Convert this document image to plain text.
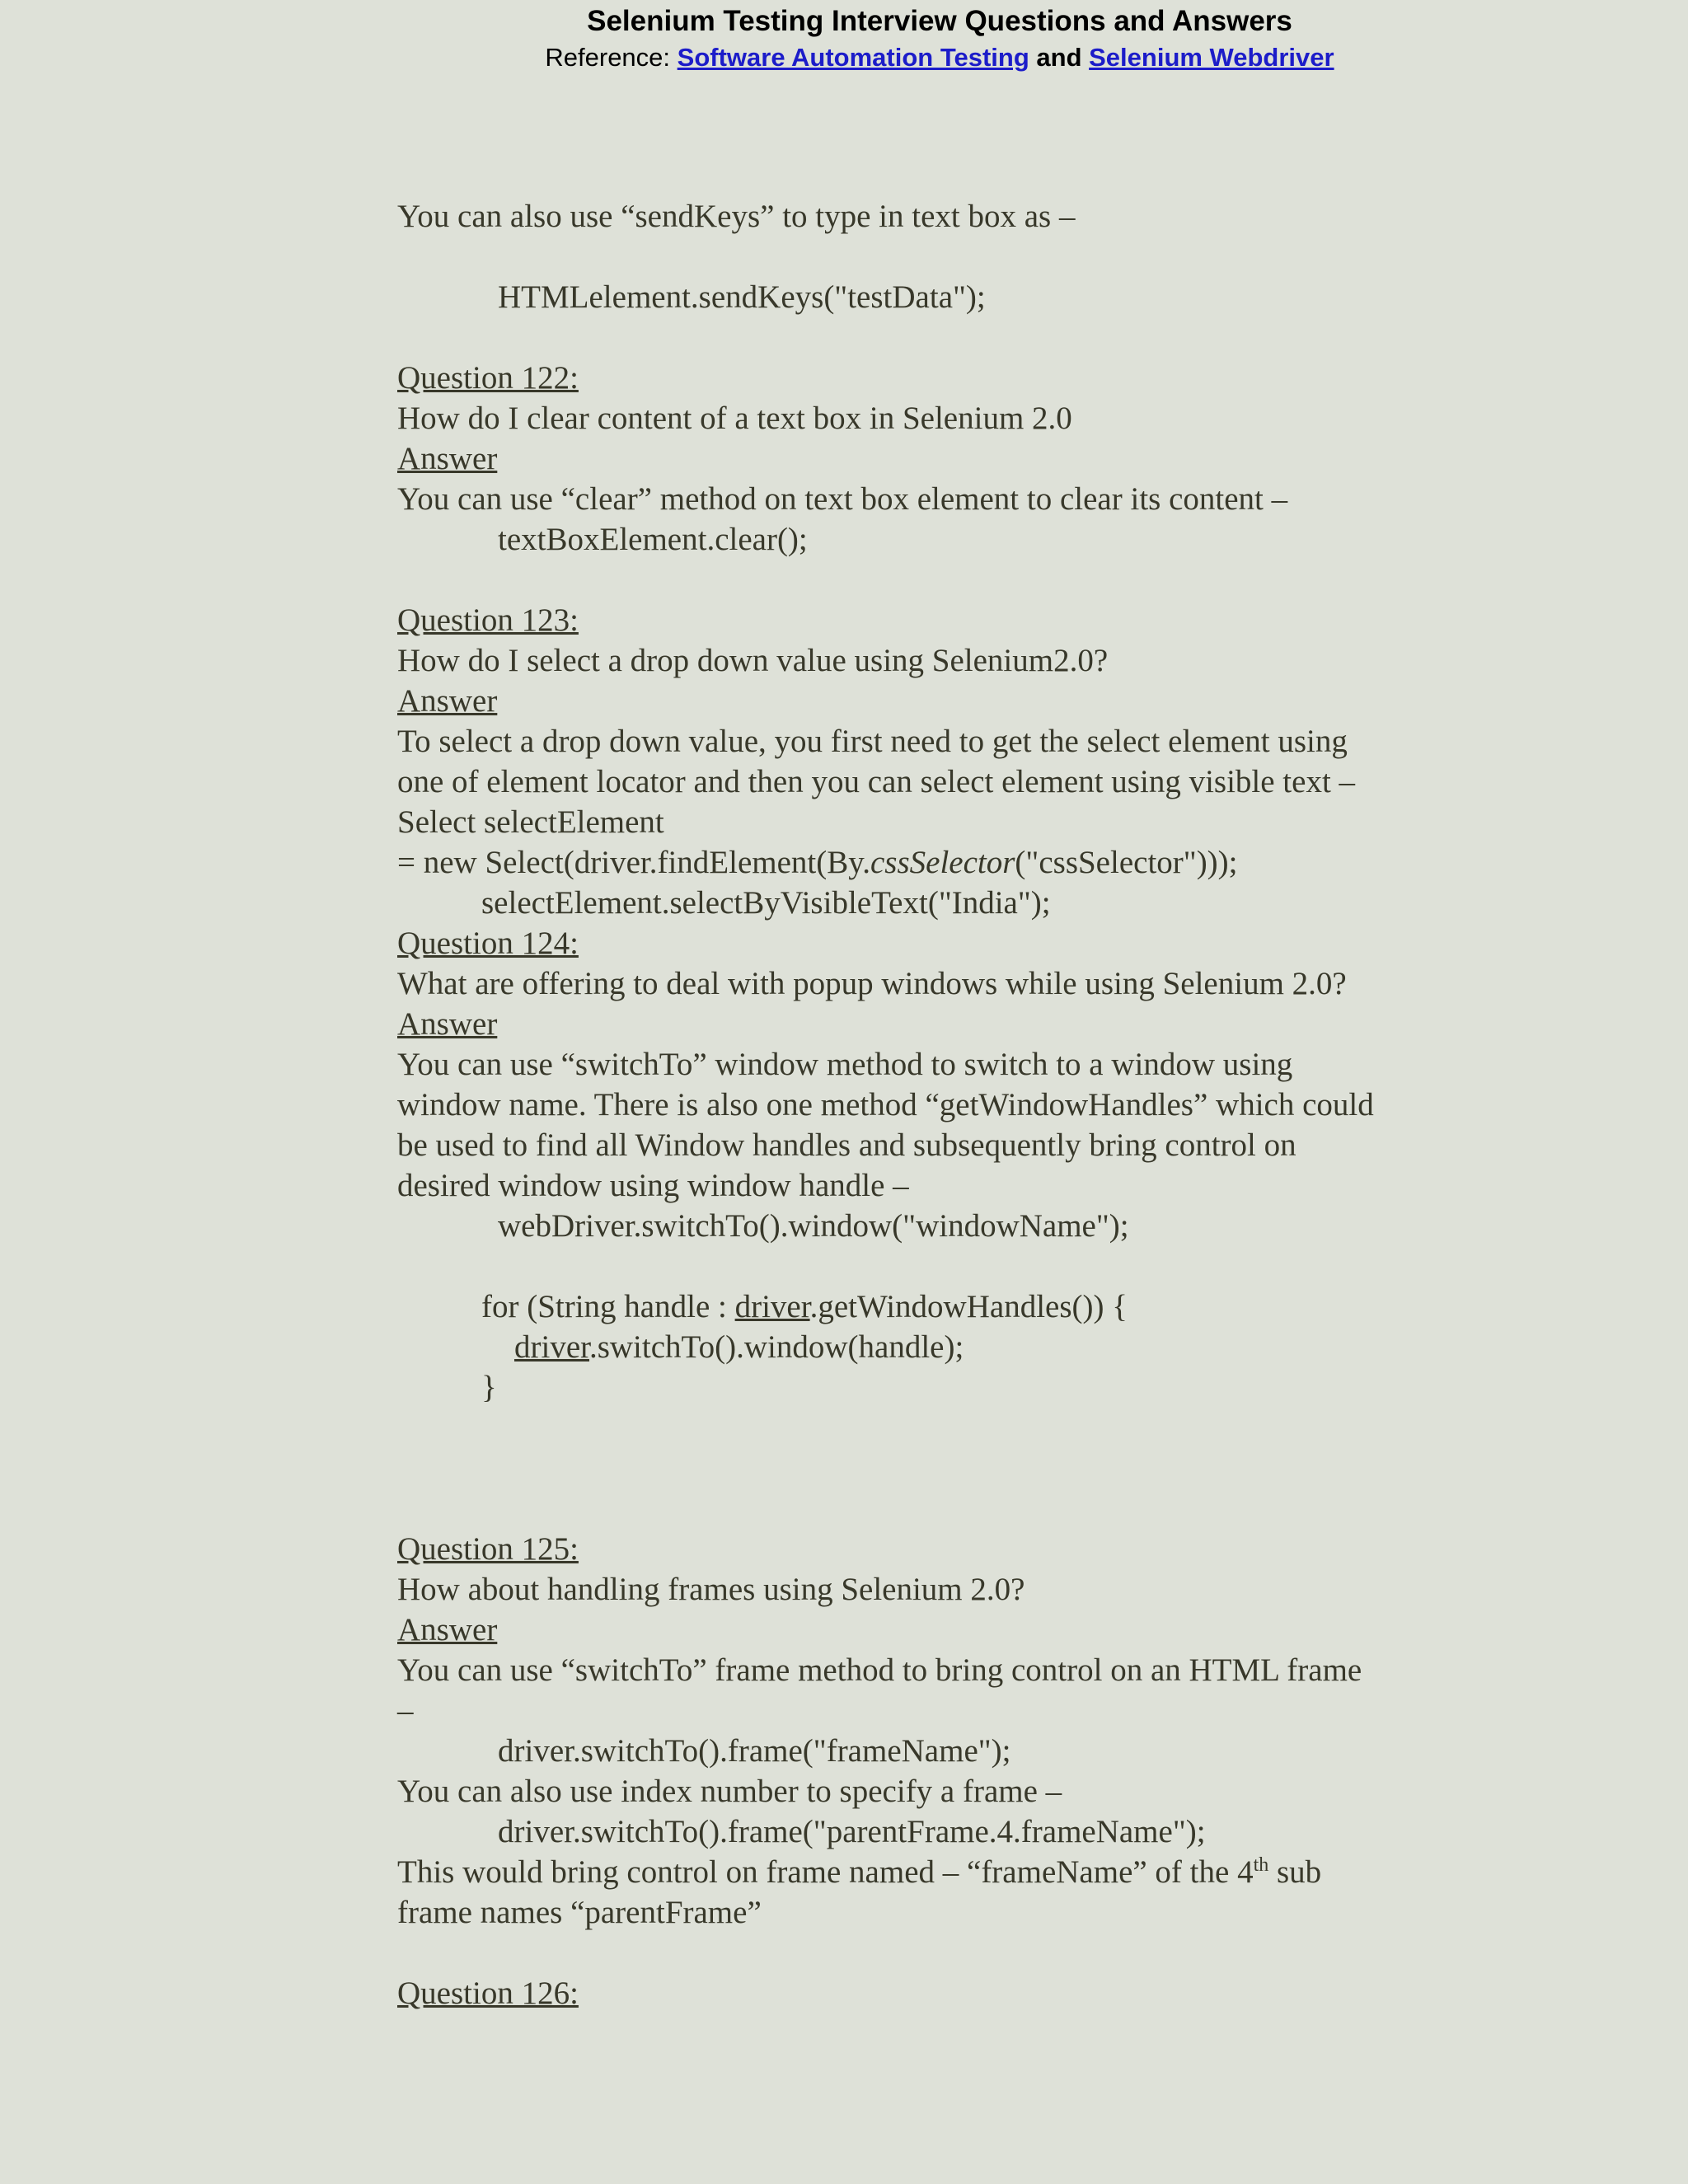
Selenium Testing Interview Questions and Answers
Reference: Software Automation Testing and Selenium Webdriver
You can also use “sendKeys” to type in text box as –
HTMLelement.sendKeys("testData");
Question 122:
How do I clear content of a text box in Selenium 2.0
Answer
You can use “clear” method on text box element to clear its content –
textBoxElement.clear();
Question 123:
How do I select a drop down value using Selenium2.0?
Answer
To select a drop down value, you first need to get the select element using
one of element locator and then you can select element using visible text –
Select selectElement
= new Select(driver.findElement(By.cssSelector("cssSelector")));
selectElement.selectByVisibleText("India");
Question 124:
What are offering to deal with popup windows while using Selenium 2.0?
Answer
You can use “switchTo” window method to switch to a window using
window name. There is also one method “getWindowHandles” which could
be used to find all Window handles and subsequently bring control on
desired window using window handle –
webDriver.switchTo().window("windowName");
for (String handle : driver.getWindowHandles()) {
driver.switchTo().window(handle);
}
Question 125:
How about handling frames using Selenium 2.0?
Answer
You can use “switchTo” frame method to bring control on an HTML frame
–
driver.switchTo().frame("frameName");
You can also use index number to specify a frame –
driver.switchTo().frame("parentFrame.4.frameName");
This would bring control on frame named – “frameName” of the 4th sub
frame names “parentFrame”
Question 126:
